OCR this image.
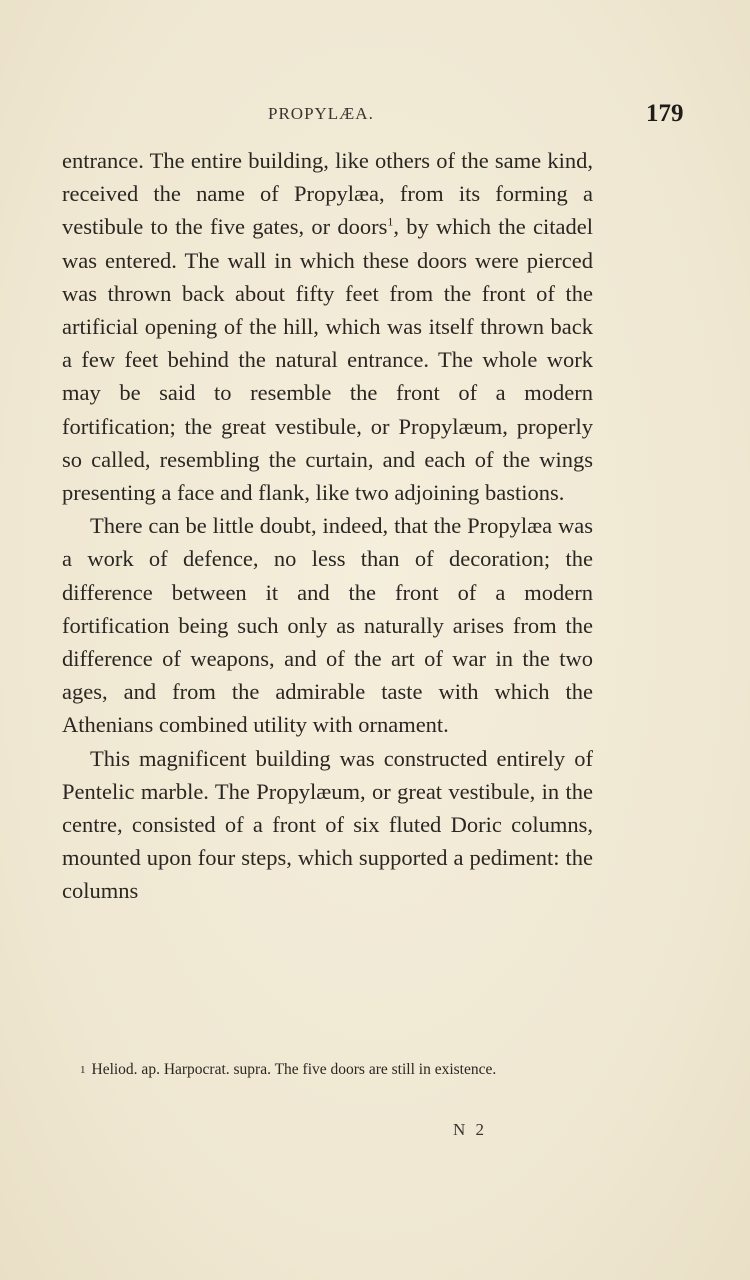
PROPYLÆA.	179

entrance. The entire building, like others of the same kind, received the name of Propylæa, from its forming a vestibule to the five gates, or doors$^1$, by which the citadel was entered. The wall in which these doors were pierced was thrown back about fifty feet from the front of the artificial opening of the hill, which was itself thrown back a few feet behind the natural entrance. The whole work may be said to resemble the front of a modern fortification; the great vestibule, or Propylæum, properly so called, resembling the curtain, and each of the wings presenting a face and flank, like two adjoining bastions.

There can be little doubt, indeed, that the Propylæa was a work of defence, no less than of decoration; the difference between it and the front of a modern fortification being such only as naturally arises from the difference of weapons, and of the art of war in the two ages, and from the admirable taste with which the Athenians combined utility with ornament.

This magnificent building was constructed entirely of Pentelic marble. The Propylæum, or great vestibule, in the centre, consisted of a front of six fluted Doric columns, mounted upon four steps, which supported a pediment: the columns

$^1$ Heliod. ap. Harpocrat. supra. The five doors are still in existence.
N 2
